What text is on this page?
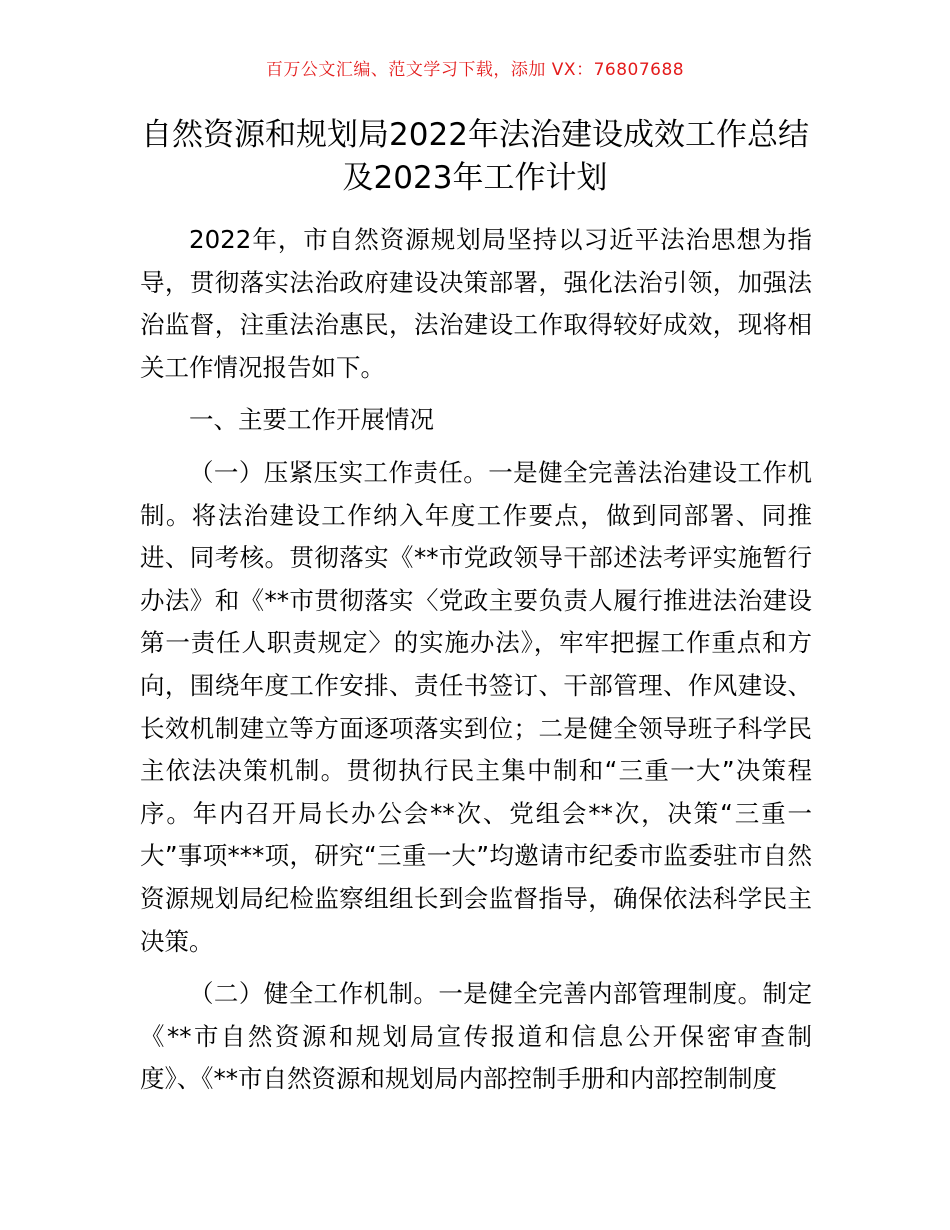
百万公文汇编、范文学习下载，添加 VX：76807688
自然资源和规划局2022年法治建设成效工作总结及2023年工作计划

2022年，市自然资源规划局坚持以习近平法治思想为指导，贯彻落实法治政府建设决策部署，强化法治引领，加强法治监督，注重法治惠民，法治建设工作取得较好成效，现将相关工作情况报告如下。

一、主要工作开展情况

（一）压紧压实工作责任。一是健全完善法治建设工作机制。将法治建设工作纳入年度工作要点，做到同部署、同推进、同考核。贯彻落实《**市党政领导干部述法考评实施暂行办法》和《**市贯彻落实〈党政主要负责人履行推进法治建设第一责任人职责规定〉的实施办法》，牢牢把握工作重点和方向，围绕年度工作安排、责任书签订、干部管理、作风建设、长效机制建立等方面逐项落实到位；二是健全领导班子科学民主依法决策机制。贯彻执行民主集中制和“三重一大”决策程序。年内召开局长办公会**次、党组会**次，决策“三重一大”事项***项，研究“三重一大”均邀请市纪委市监委驻市自然资源规划局纪检监察组组长到会监督指导，确保依法科学民主决策。

（二）健全工作机制。一是健全完善内部管理制度。制定《**市自然资源和规划局宣传报道和信息公开保密审查制度》、《**市自然资源和规划局内部控制手册和内部控制制度
